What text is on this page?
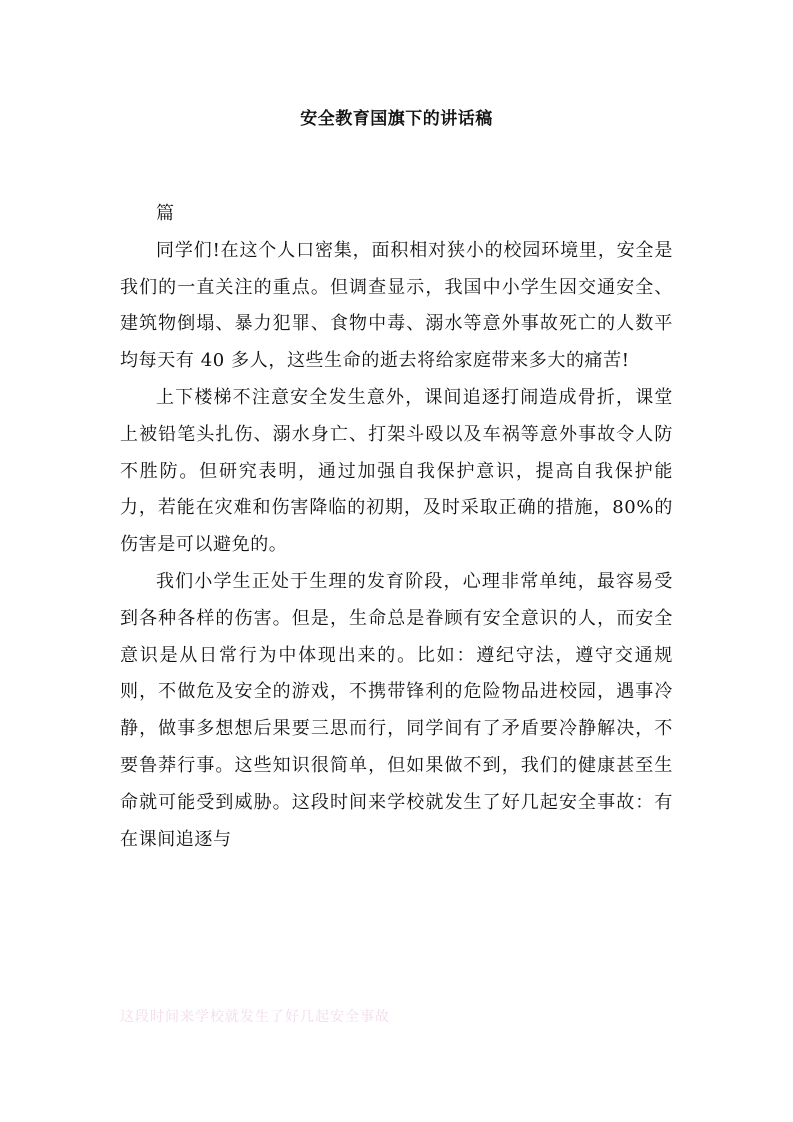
安全教育国旗下的讲话稿

篇

同学们!在这个人口密集，面积相对狭小的校园环境里，安全是我们的一直关注的重点。但调查显示，我国中小学生因交通安全、建筑物倒塌、暴力犯罪、食物中毒、溺水等意外事故死亡的人数平均每天有 40 多人，这些生命的逝去将给家庭带来多大的痛苦!

上下楼梯不注意安全发生意外，课间追逐打闹造成骨折，课堂上被铅笔头扎伤、溺水身亡、打架斗殴以及车祸等意外事故令人防不胜防。但研究表明，通过加强自我保护意识，提高自我保护能力，若能在灾难和伤害降临的初期，及时采取正确的措施，80%的伤害是可以避免的。

我们小学生正处于生理的发育阶段，心理非常单纯，最容易受到各种各样的伤害。但是，生命总是眷顾有安全意识的人，而安全意识是从日常行为中体现出来的。比如：遵纪守法，遵守交通规则，不做危及安全的游戏，不携带锋利的危险物品进校园，遇事冷静，做事多想想后果要三思而行，同学间有了矛盾要冷静解决，不要鲁莽行事。这些知识很简单，但如果做不到，我们的健康甚至生命就可能受到威胁。这段时间来学校就发生了好几起安全事故：有在课间追逐与

这段时间来学校就发生了好几起安全事故
